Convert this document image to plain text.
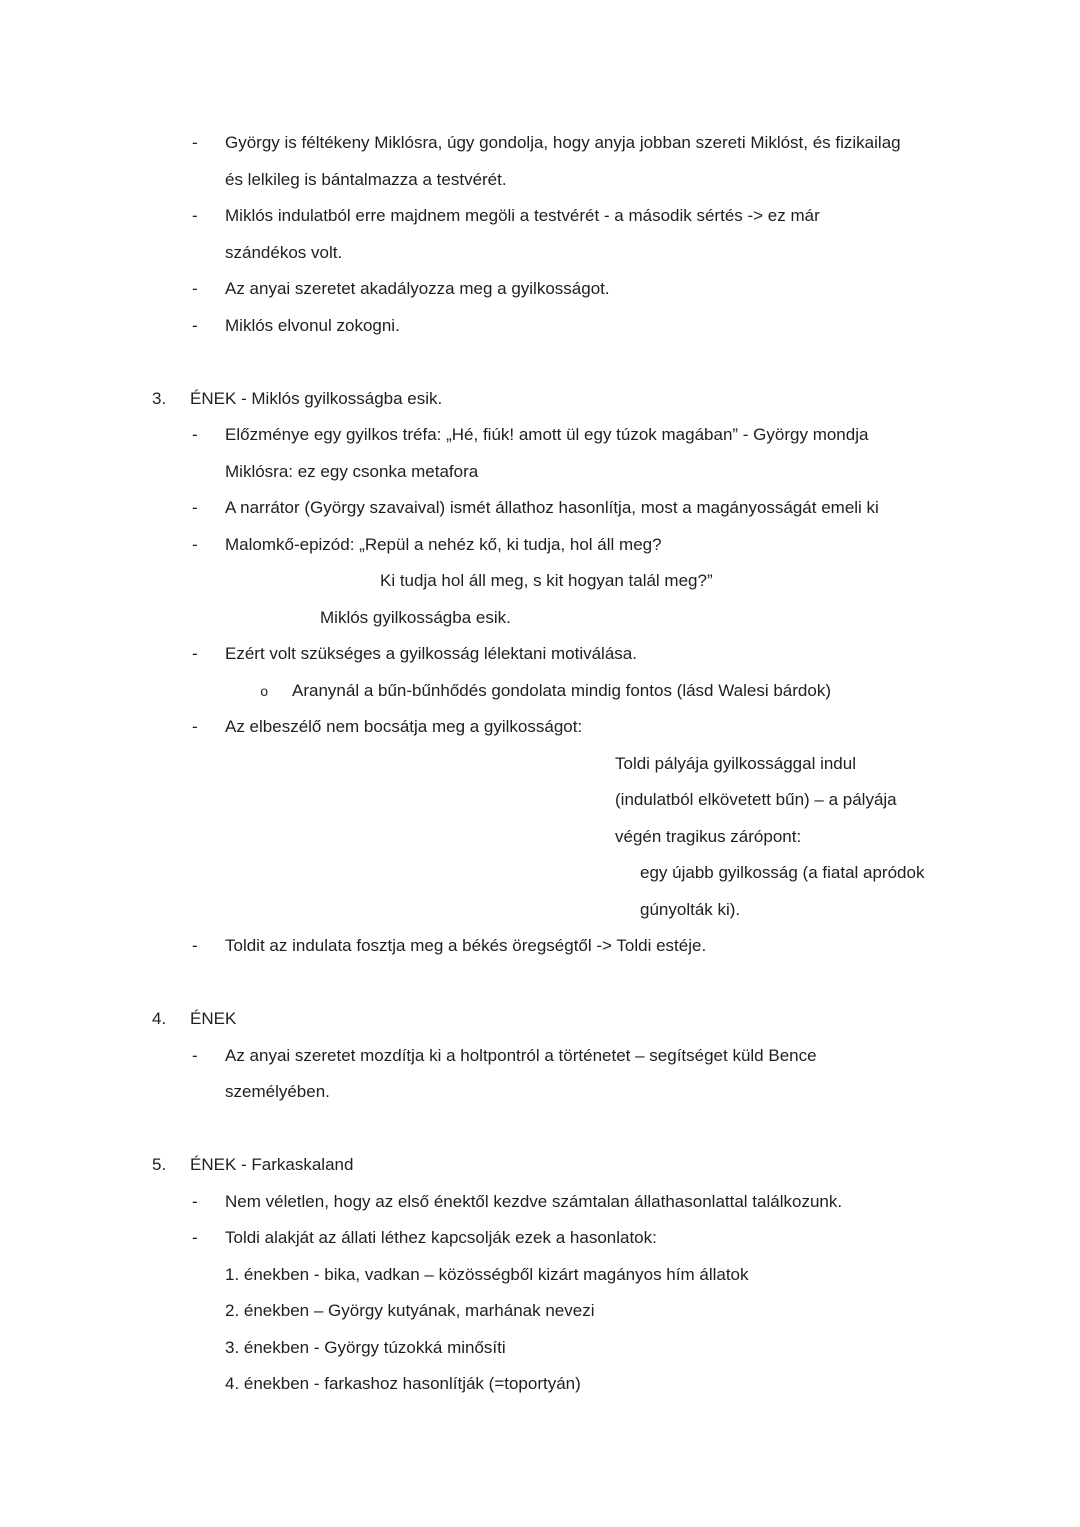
- György is féltékeny Miklósra, úgy gondolja, hogy anyja jobban szereti Miklóst, és fizikailag
és lelkileg is bántalmazza a testvérét.
- Miklós indulatból erre majdnem megöli a testvérét - a második sértés -> ez már
szándékos volt.
- Az anyai szeretet akadályozza meg a gyilkosságot.
- Miklós elvonul zokogni.
3. ÉNEK - Miklós gyilkosságba esik.
- Előzménye egy gyilkos tréfa: „Hé, fiúk! amott ül egy túzok magában” - György mondja
Miklósra: ez egy csonka metafora
- A narrátor (György szavaival) ismét állathoz hasonlítja, most a magányosságát emeli ki
- Malomkő-epizód: „Repül a nehéz kő, ki tudja, hol áll meg?
Ki tudja hol áll meg, s kit hogyan talál meg?”
Miklós gyilkosságba esik.
- Ezért volt szükséges a gyilkosság lélektani motiválása.
o Aranynál a bűn-bűnhődés gondolata mindig fontos (lásd Walesi bárdok)
- Az elbeszélő nem bocsátja meg a gyilkosságot:
Toldi pályája gyilkossággal indul
(indulatból elkövetett bűn) – a pályája
végén tragikus zárópont:
egy újabb gyilkosság (a fiatal apródok
gúnyolták ki).
- Toldit az indulata fosztja meg a békés öregségtől -> Toldi estéje.
4. ÉNEK
- Az anyai szeretet mozdítja ki a holtpontról a történetet – segítséget küld Bence
személyében.
5. ÉNEK - Farkaskaland
- Nem véletlen, hogy az első énektől kezdve számtalan állathasonlattal találkozunk.
- Toldi alakját az állati léthez kapcsolják ezek a hasonlatok:
1. énekben - bika, vadkan – közösségből kizárt magányos hím állatok
2. énekben – György kutyának, marhának nevezi
3. énekben - György túzokká minősíti
4. énekben - farkashoz hasonlítják (=toportyán)
